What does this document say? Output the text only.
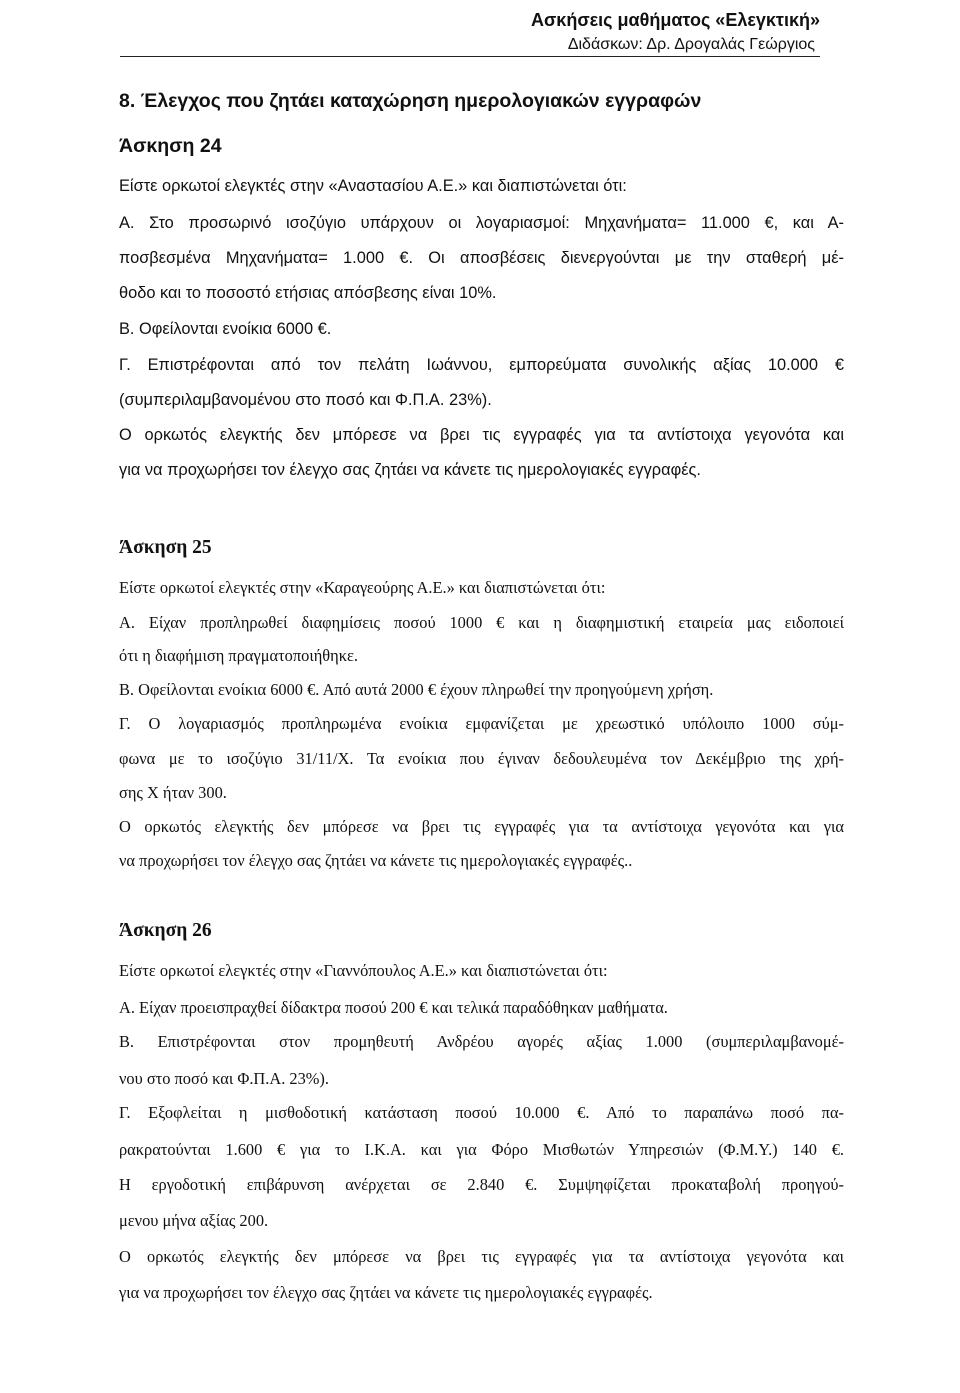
Ασκήσεις μαθήματος «Ελεγκτική»
Διδάσκων: Δρ. Δρογαλάς Γεώργιος
8. Έλεγχος που ζητάει καταχώρηση ημερολογιακών εγγραφών
Άσκηση 24
Είστε ορκωτοί ελεγκτές στην «Αναστασίου Α.Ε.» και διαπιστώνεται ότι:
Α. Στο προσωρινό ισοζύγιο υπάρχουν οι λογαριασμοί: Μηχανήματα= 11.000 €, και Α-
ποσβεσμένα Μηχανήματα= 1.000 €. Οι αποσβέσεις διενεργούνται με την σταθερή μέ-
θοδο και το ποσοστό ετήσιας απόσβεσης είναι 10%.
Β. Οφείλονται ενοίκια 6000 €.
Γ. Επιστρέφονται από τον πελάτη Ιωάννου, εμπορεύματα συνολικής αξίας 10.000 €
(συμπεριλαμβανομένου στο ποσό και Φ.Π.Α. 23%).
Ο ορκωτός ελεγκτής δεν μπόρεσε να βρει τις εγγραφές για τα αντίστοιχα γεγονότα και
για να προχωρήσει τον έλεγχο σας ζητάει να κάνετε τις ημερολογιακές εγγραφές.
Άσκηση 25
Είστε ορκωτοί ελεγκτές στην «Καραγεούρης Α.Ε.» και διαπιστώνεται ότι:
Α. Είχαν προπληρωθεί διαφημίσεις ποσού 1000 € και η διαφημιστική εταιρεία μας ειδοποιεί
ότι η διαφήμιση πραγματοποιήθηκε.
Β. Οφείλονται ενοίκια 6000 €. Από αυτά 2000 € έχουν πληρωθεί την προηγούμενη χρήση.
Γ. Ο λογαριασμός προπληρωμένα ενοίκια εμφανίζεται με χρεωστικό υπόλοιπο 1000 σύμ-
φωνα με το ισοζύγιο 31/11/Χ. Τα ενοίκια που έγιναν δεδουλευμένα τον Δεκέμβριο της χρή-
σης Χ ήταν 300.
Ο ορκωτός ελεγκτής δεν μπόρεσε να βρει τις εγγραφές για τα αντίστοιχα γεγονότα και για
να προχωρήσει τον έλεγχο σας ζητάει να κάνετε τις ημερολογιακές εγγραφές..
Άσκηση 26
Είστε ορκωτοί ελεγκτές στην «Γιαννόπουλος Α.Ε.» και διαπιστώνεται ότι:
Α. Είχαν προεισπραχθεί δίδακτρα ποσού 200 € και τελικά παραδόθηκαν μαθήματα.
Β. Επιστρέφονται στον προμηθευτή Ανδρέου αγορές αξίας 1.000 (συμπεριλαμβανομέ-
νου στο ποσό και Φ.Π.Α. 23%).
Γ. Εξοφλείται η μισθοδοτική κατάσταση ποσού 10.000 €. Από το παραπάνω ποσό πα-
ρακρατούνται 1.600 € για το Ι.Κ.Α. και για Φόρο Μισθωτών Υπηρεσιών (Φ.Μ.Υ.) 140 €.
Η εργοδοτική επιβάρυνση ανέρχεται σε 2.840 €. Συμψηφίζεται προκαταβολή προηγού-
μενου μήνα αξίας 200.
Ο ορκωτός ελεγκτής δεν μπόρεσε να βρει τις εγγραφές για τα αντίστοιχα γεγονότα και
για να προχωρήσει τον έλεγχο σας ζητάει να κάνετε τις ημερολογιακές εγγραφές.
